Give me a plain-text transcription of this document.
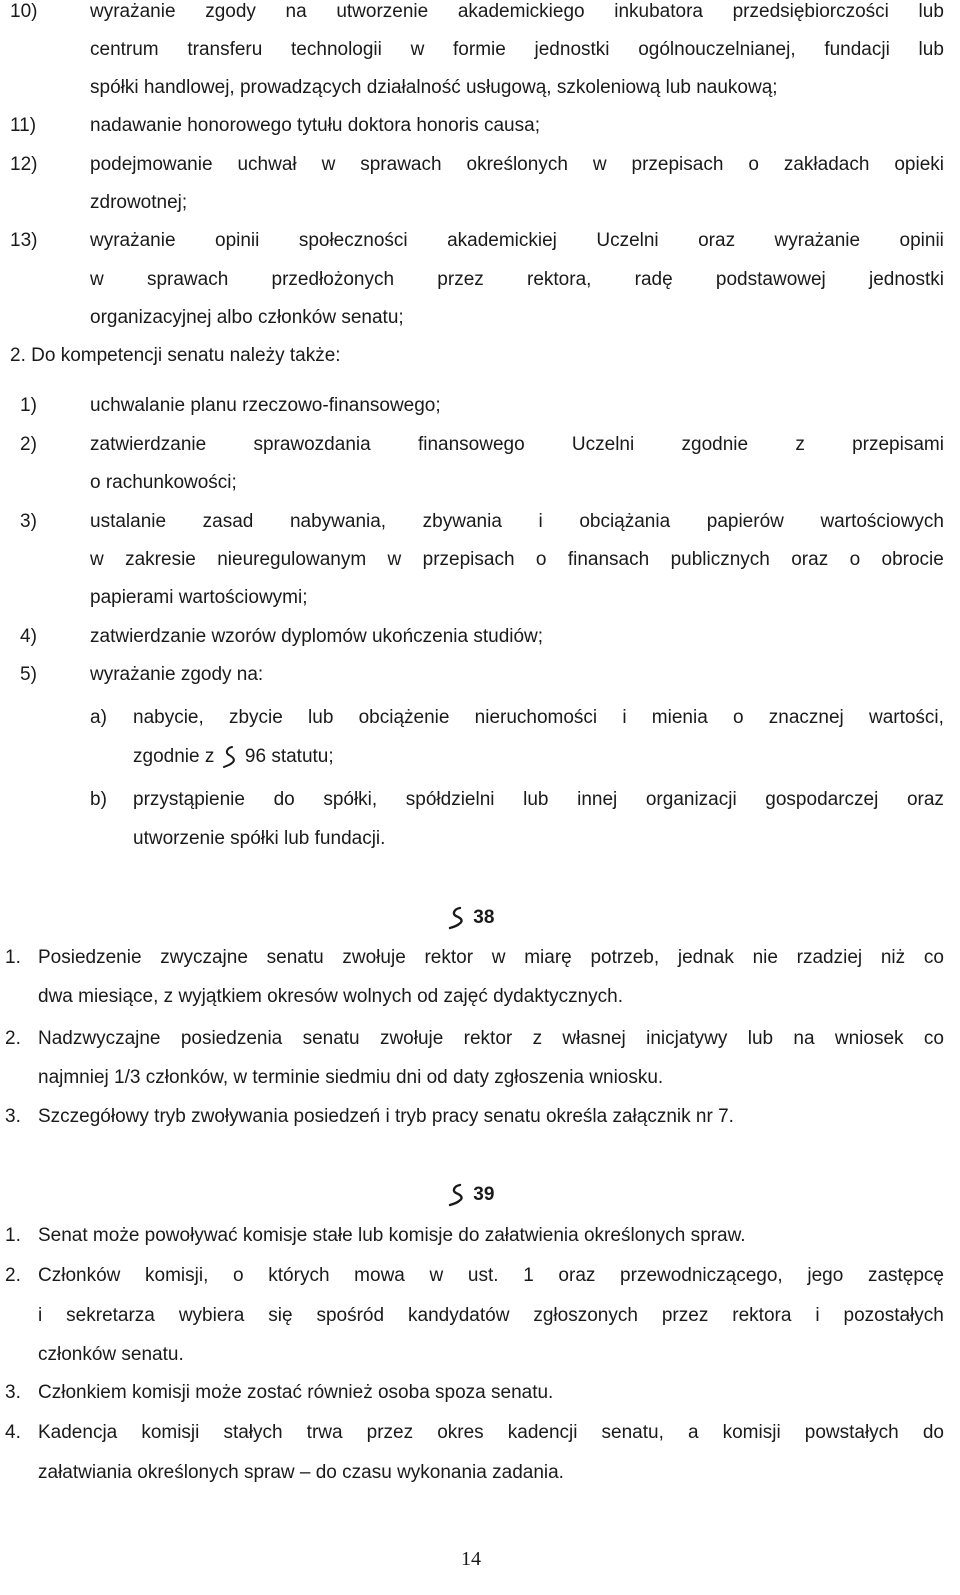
10)	wyrażanie zgody na utworzenie akademickiego inkubatora przedsiębiorczości lub
centrum transferu technologii w formie jednostki ogólnouczelnianej, fundacji lub
spółki handlowej, prowadzących działalność usługową, szkoleniową lub naukową;
11)	nadawanie honorowego tytułu doktora honoris causa;
12)	podejmowanie uchwał w sprawach określonych w przepisach o zakładach opieki
zdrowotnej;
13)	wyrażanie opinii społeczności akademickiej Uczelni oraz wyrażanie opinii
w sprawach przedłożonych przez rektora, radę podstawowej jednostki
organizacyjnej albo członków senatu;
2. Do kompetencji senatu należy także:
1)	uchwalanie planu rzeczowo-finansowego;
2)	zatwierdzanie sprawozdania finansowego Uczelni zgodnie z przepisami
o rachunkowości;
3)	ustalanie zasad nabywania, zbywania i obciążania papierów wartościowych
w zakresie nieuregulowanym w przepisach o finansach publicznych oraz o obrocie
papierami wartościowymi;
4)	zatwierdzanie wzorów dyplomów ukończenia studiów;
5)	wyrażanie zgody na:
a) nabycie, zbycie lub obciążenie nieruchomości i mienia o znacznej wartości,
zgodnie z 96 statutu;
b) przystąpienie do spółki, spółdzielni lub innej organizacji gospodarczej oraz
utworzenie spółki lub fundacji.
38
1. Posiedzenie zwyczajne senatu zwołuje rektor w miarę potrzeb, jednak nie rzadziej niż co
dwa miesiące, z wyjątkiem okresów wolnych od zajęć dydaktycznych.
2. Nadzwyczajne posiedzenia senatu zwołuje rektor z własnej inicjatywy lub na wniosek co
najmniej 1/3 członków, w terminie siedmiu dni od daty zgłoszenia wniosku.
3. Szczegółowy tryb zwoływania posiedzeń i tryb pracy senatu określa załącznik nr 7.
39
1. Senat może powoływać komisje stałe lub komisje do załatwienia określonych spraw.
2. Członków komisji, o których mowa w ust. 1 oraz przewodniczącego, jego zastępcę
i sekretarza wybiera się spośród kandydatów zgłoszonych przez rektora i pozostałych
członków senatu.
3. Członkiem komisji może zostać również osoba spoza senatu.
4. Kadencja komisji stałych trwa przez okres kadencji senatu, a komisji powstałych do
załatwiania określonych spraw – do czasu wykonania zadania.
14
